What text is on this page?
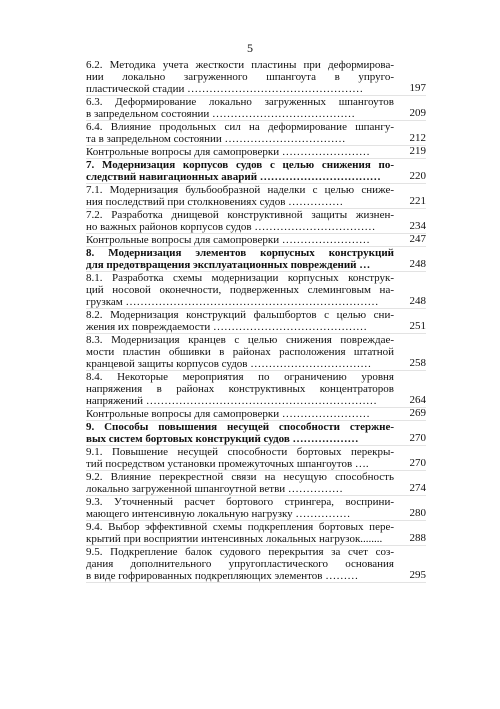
5
6.2. Методика учета жесткости пластины при деформирова-
нии локально загруженного шпангоута в упруго-
пластической стадии …………………………………………	197
6.3. Деформирование локально загруженных шпангоутов
в запредельном состоянии …………………………………	209
6.4. Влияние продольных сил на деформирование шпангу-
та в запредельном состоянии ……………………………	212
Контрольные вопросы для самопроверки ……………………	219
7. Модернизация корпусов судов с целью снижения по-
следствий навигационных аварий ……………………………	220
7.1. Модернизация бульбообразной наделки с целью сниже-
ния последствий при столкновениях судов ……………	221
7.2. Разработка днищевой конструктивной защиты жизнен-
но важных районов корпусов судов ……………………………	234
Контрольные вопросы для самопроверки ……………………	247
8. Модернизация элементов корпусных конструкций
для предотвращения эксплуатационных повреждений …	248
8.1. Разработка схемы модернизации корпусных конструк-
ций носовой оконечности, подверженных слеминговым на-
грузкам ……………………………………………………………	248
8.2. Модернизация конструкций фальшбортов с целью сни-
жения их повреждаемости ……………………………………	251
8.3. Модернизация кранцев с целью снижения повреждае-
мости пластин обшивки в районах расположения штатной
кранцевой защиты корпусов судов ……………………………	258
8.4. Некоторые мероприятия по ограничению уровня
напряжения в районах конструктивных концентраторов
напряжений ………………………………………………………	264
Контрольные вопросы для самопроверки ……………………	269
9. Способы повышения несущей способности стержне-
вых систем бортовых конструкций судов ………………	270
9.1. Повышение несущей способности бортовых перекры-
тий посредством установки промежуточных шпангоутов ….	270
9.2. Влияние перекрестной связи на несущую способность
локально загруженной шпангоутной ветви ……………	274
9.3. Уточненный расчет бортового стрингера, восприни-
мающего интенсивную локальную нагрузку ……………	280
9.4. Выбор эффективной схемы подкрепления бортовых пере-
крытий при восприятии интенсивных локальных нагрузок........	288
9.5. Подкрепление балок судового перекрытия за счет соз-
дания дополнительного упругопластического основания
в виде гофрированных подкрепляющих элементов ………	295
